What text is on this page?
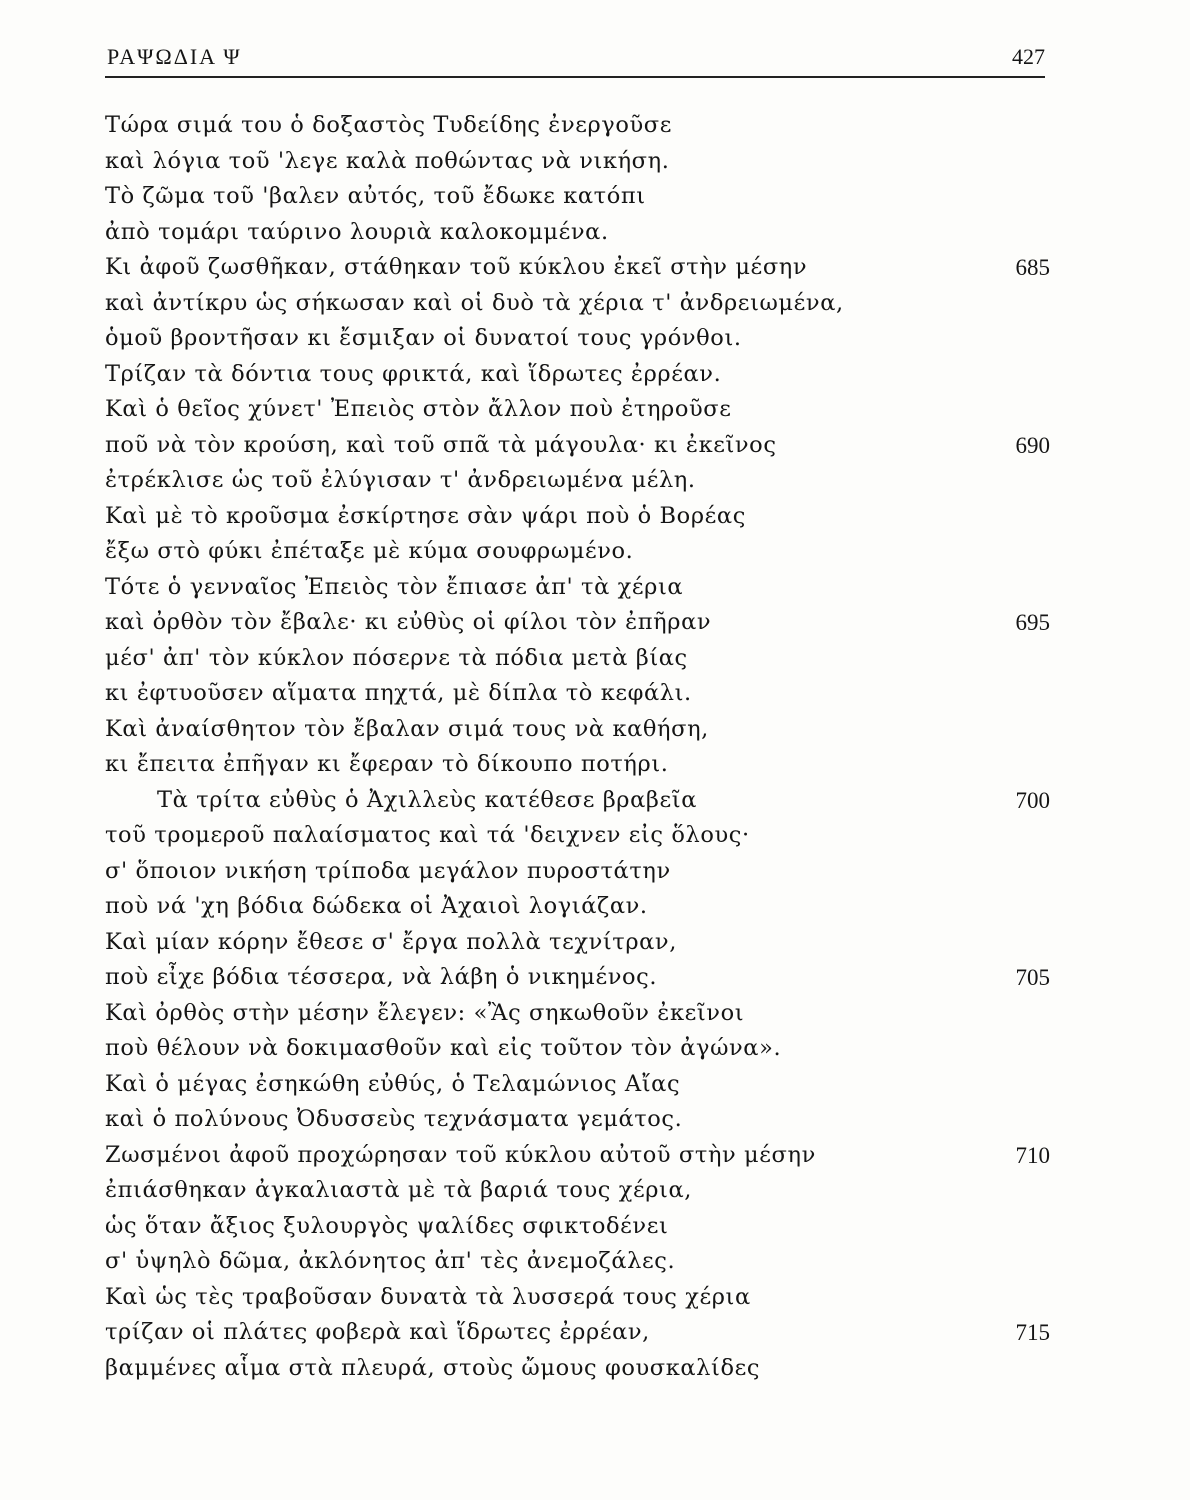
ΡΑΨΩΔΙΑ Ψ	427
Τώρα σιμά του ὁ δοξαστὸς Τυδείδης ἐνεργοῦσε
καὶ λόγια τοῦ 'λεγε καλὰ ποθώντας νὰ νικήση.
Τὸ ζῶμα τοῦ 'βαλεν αὐτός, τοῦ ἔδωκε κατόπι
ἀπὸ τομάρι ταύρινο λουριὰ καλοκομμένα.
Κι ἀφοῦ ζωσθῆκαν, στάθηκαν τοῦ κύκλου ἐκεῖ στὴν μέσην	685
καὶ ἀντίκρυ ὡς σήκωσαν καὶ οἱ δυὸ τὰ χέρια τ' ἀνδρειωμένα,
ὁμοῦ βροντῆσαν κι ἔσμιξαν οἱ δυνατοί τους γρόνθοι.
Τρίζαν τὰ δόντια τους φρικτά, καὶ ἵδρωτες ἐρρέαν.
Καὶ ὁ θεῖος χύνετ' Ἐπειὸς στὸν ἄλλον ποὺ ἐτηροῦσε
ποῦ νὰ τὸν κρούση, καὶ τοῦ σπᾶ τὰ μάγουλα· κι ἐκεῖνος	690
ἐτρέκλισε ὡς τοῦ ἐλύγισαν τ' ἀνδρειωμένα μέλη.
Καὶ μὲ τὸ κροῦσμα ἐσκίρτησε σὰν ψάρι ποὺ ὁ Βορέας
ἔξω στὸ φύκι ἐπέταξε μὲ κύμα σουφρωμένο.
Τότε ὁ γενναῖος Ἐπειὸς τὸν ἔπιασε ἀπ' τὰ χέρια
καὶ ὀρθὸν τὸν ἔβαλε· κι εὐθὺς οἱ φίλοι τὸν ἐπῆραν	695
μέσ' ἀπ' τὸν κύκλον πόσερνε τὰ πόδια μετὰ βίας
κι ἐφτυοῦσεν αἵματα πηχτά, μὲ δίπλα τὸ κεφάλι.
Καὶ ἀναίσθητον τὸν ἔβαλαν σιμά τους νὰ καθήση,
κι ἔπειτα ἐπῆγαν κι ἔφεραν τὸ δίκουπο ποτήρι.
Τὰ τρίτα εὐθὺς ὁ Ἀχιλλεὺς κατέθεσε βραβεῖα	700
τοῦ τρομεροῦ παλαίσματος καὶ τά 'δειχνεν εἰς ὅλους·
σ' ὅποιον νικήση τρίποδα μεγάλον πυροστάτην
ποὺ νά 'χη βόδια δώδεκα οἱ Ἀχαιοὶ λογιάζαν.
Καὶ μίαν κόρην ἔθεσε σ' ἔργα πολλὰ τεχνίτραν,
ποὺ εἶχε βόδια τέσσερα, νὰ λάβη ὁ νικημένος.	705
Καὶ ὀρθὸς στὴν μέσην ἔλεγεν: «Ἂς σηκωθοῦν ἐκεῖνοι
ποὺ θέλουν νὰ δοκιμασθοῦν καὶ εἰς τοῦτον τὸν ἀγώνα».
Καὶ ὁ μέγας ἐσηκώθη εὐθύς, ὁ Τελαμώνιος Αἴας
καὶ ὁ πολύνους Ὀδυσσεὺς τεχνάσματα γεμάτος.
Ζωσμένοι ἀφοῦ προχώρησαν τοῦ κύκλου αὐτοῦ στὴν μέσην	710
ἐπιάσθηκαν ἀγκαλιαστὰ μὲ τὰ βαριά τους χέρια,
ὡς ὅταν ἄξιος ξυλουργὸς ψαλίδες σφικτοδένει
σ' ὑψηλὸ δῶμα, ἀκλόνητος ἀπ' τὲς ἀνεμοζάλες.
Καὶ ὡς τὲς τραβοῦσαν δυνατὰ τὰ λυσσερά τους χέρια
τρίζαν οἱ πλάτες φοβερὰ καὶ ἵδρωτες ἐρρέαν,	715
βαμμένες αἷμα στὰ πλευρά, στοὺς ὤμους φουσκαλίδες
